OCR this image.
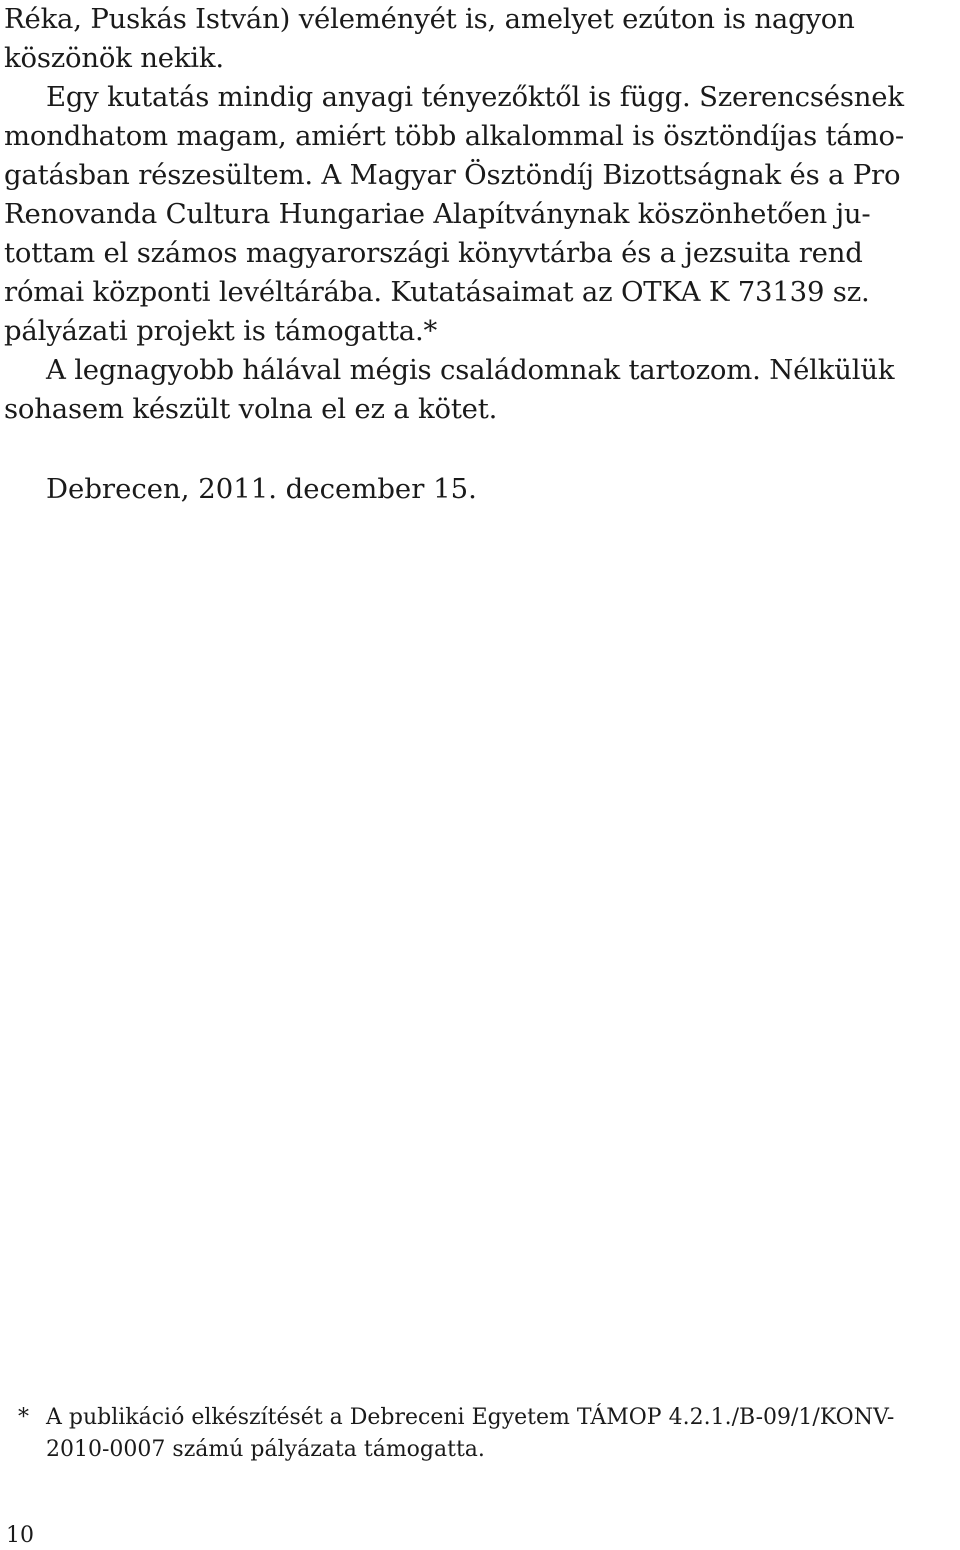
Réka, Puskás István) véleményét is, amelyet ezúton is nagyon
köszönök nekik.
Egy kutatás mindig anyagi tényezőktől is függ. Szerencsésnek
mondhatom magam, amiért több alkalommal is ösztöndíjas támo-
gatásban részesültem. A Magyar Ösztöndíj Bizottságnak és a Pro
Renovanda Cultura Hungariae Alapítványnak köszönhetően ju-
tottam el számos magyarországi könyvtárba és a jezsuita rend
római központi levéltárába. Kutatásaimat az OTKA K 73139 sz.
pályázati projekt is támogatta.*
A legnagyobb hálával mégis családomnak tartozom. Nélkülük
sohasem készült volna el ez a kötet.
Debrecen, 2011. december 15.
* A publikáció elkészítését a Debreceni Egyetem TÁMOP 4.2.1./B-09/1/KONV-
2010-0007 számú pályázata támogatta.
10
